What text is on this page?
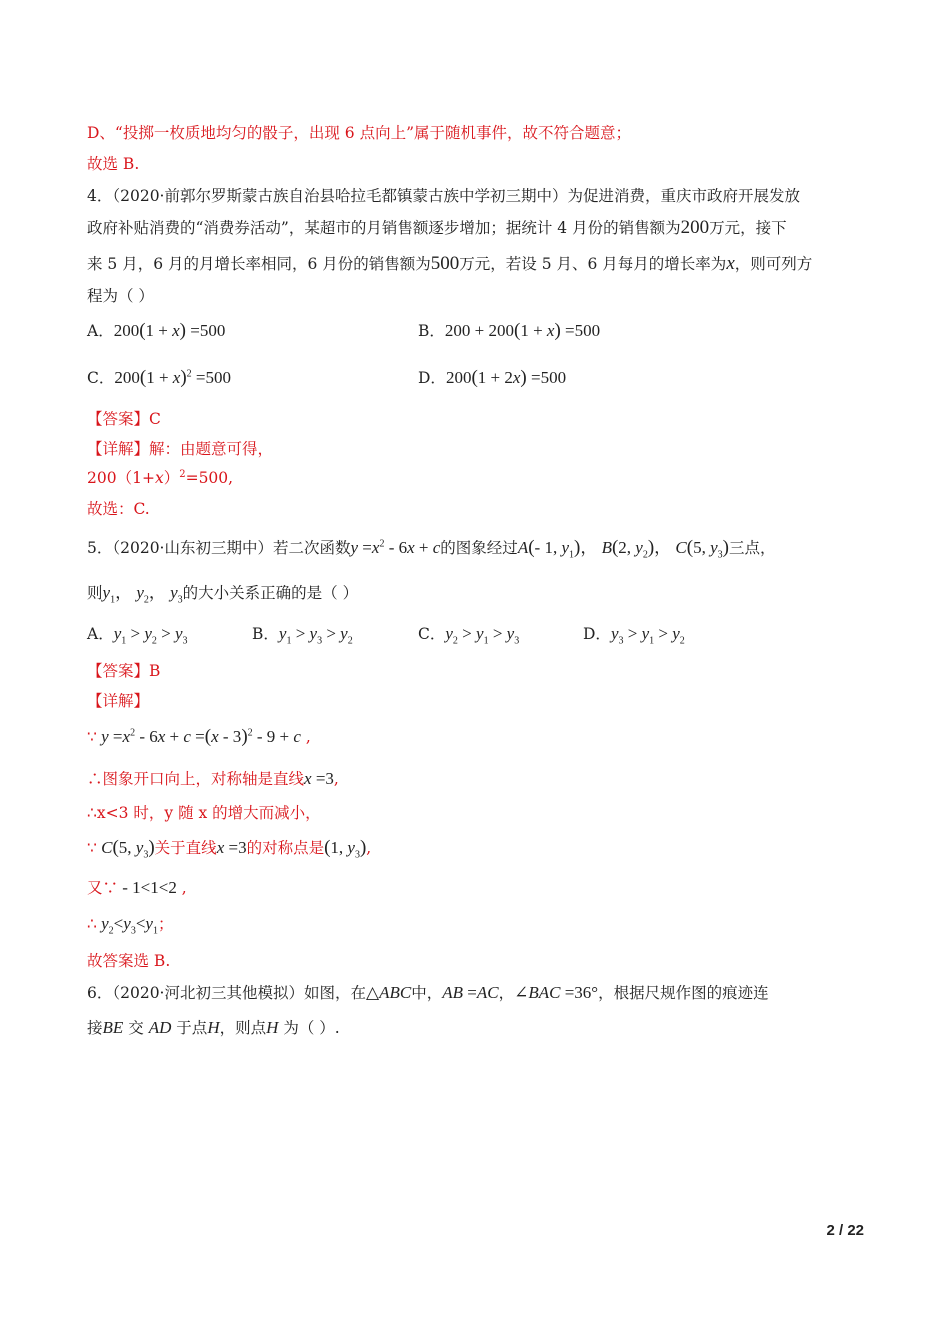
D、“投掷一枚质地均匀的骰子，出现 6 点向上”属于随机事件，故不符合题意；
故选 B.
4．（2020·前郭尔罗斯蒙古族自治县哈拉毛都镇蒙古族中学初三期中）为促进消费，重庆市政府开展发放
政府补贴消费的“消费券活动”，某超市的月销售额逐步增加；据统计 4 月份的销售额为200万元，接下
来 5 月，6 月的月增长率相同，6 月份的销售额为500万元，若设 5 月、6 月每月的增长率为x，则可列方
程为（ ）
A．200(1 + x) =500	B．200 + 200(1 + x) =500
C．$200(1 + x)^2 =500$	D．200(1 + 2x) =500
【答案】C
【详解】解：由题意可得，
$200(1+x)^2=500$,
故选：C.
5．（2020·山东初三期中）若二次函数$y =x^2 - 6x + c$的图象经过A(- 1, $y_1$)， B(2, $y_2$)， C(5, $y_3$)三点，
则$y_1$， $y_2$， $y_3$的大小关系正确的是（ ）
A．$y_1 > y_2 > y_3$	B．$y_1 > y_3 > y_2$	C．$y_2 > y_1 > y_3$	D．$y_3 > y_1 > y_2$
【答案】B
【详解】
∵ $y =x^2 - 6x + c =(x - 3)^2 - 9 + c$ ,
∴图象开口向上，对称轴是直线x =3,
∴x<3 时，y 随 x 的增大而减小，
∵ C(5, $y_3$)关于直线x =3的对称点是(1, $y_3$),
又∵ - 1<1<2 ,
∴ $y_2<y_3<y_1$；
故答案选 B.
6．（2020·河北初三其他模拟）如图，在△ABC中，AB =AC，∠BAC =36°，根据尺规作图的痕迹连
接BE 交 AD 于点H，则点H 为（ ）.
2 / 22
